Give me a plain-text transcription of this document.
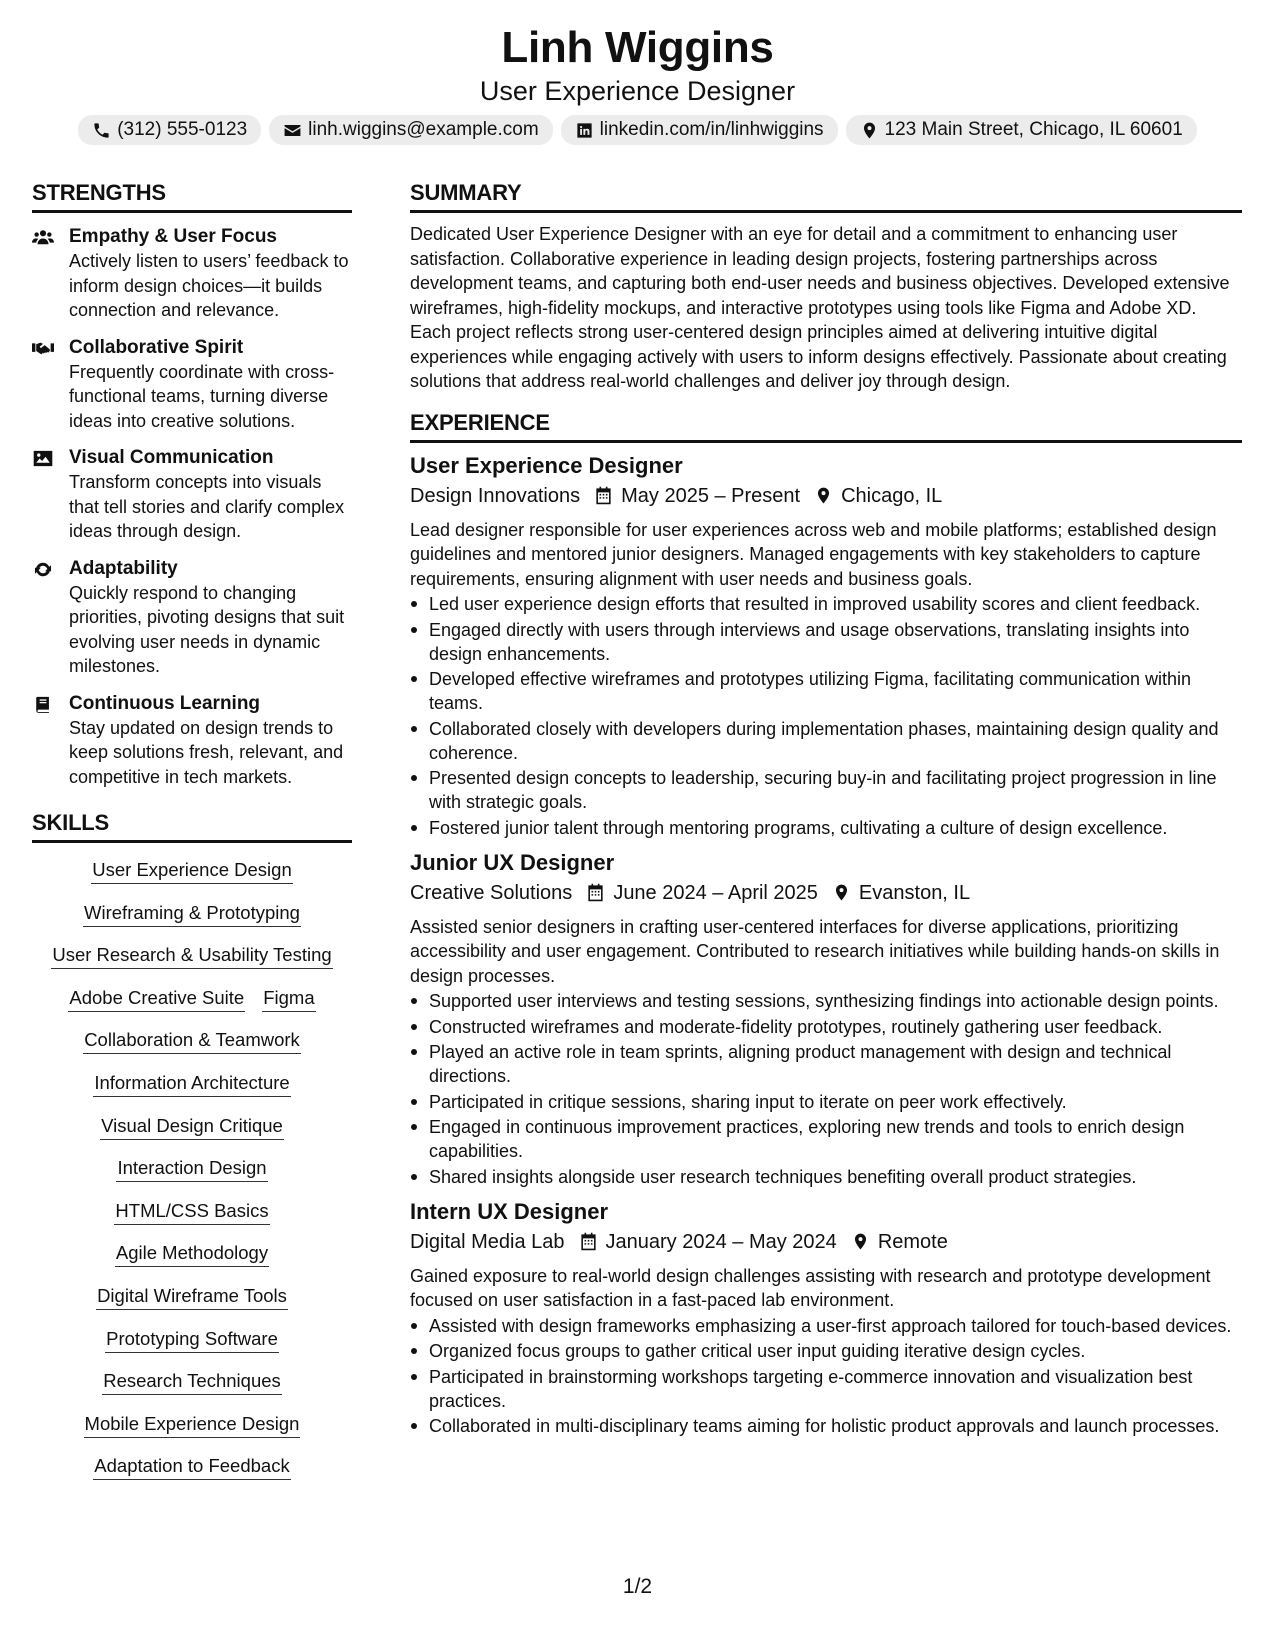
Linh Wiggins
User Experience Designer
(312) 555-0123	linh.wiggins@example.com	linkedin.com/in/linhwiggins	123 Main Street, Chicago, IL 60601
STRENGTHS
Empathy & User Focus
Actively listen to users’ feedback to inform design choices—it builds connection and relevance.
Collaborative Spirit
Frequently coordinate with cross-functional teams, turning diverse ideas into creative solutions.
Visual Communication
Transform concepts into visuals that tell stories and clarify complex ideas through design.
Adaptability
Quickly respond to changing priorities, pivoting designs that suit evolving user needs in dynamic milestones.
Continuous Learning
Stay updated on design trends to keep solutions fresh, relevant, and competitive in tech markets.
SKILLS
User Experience Design
Wireframing & Prototyping
User Research & Usability Testing
Adobe Creative Suite Figma
Collaboration & Teamwork
Information Architecture
Visual Design Critique
Interaction Design
HTML/CSS Basics
Agile Methodology
Digital Wireframe Tools
Prototyping Software
Research Techniques
Mobile Experience Design
Adaptation to Feedback
SUMMARY

Dedicated User Experience Designer with an eye for detail and a commitment to enhancing user satisfaction. Collaborative experience in leading design projects, fostering partnerships across development teams, and capturing both end-user needs and business objectives. Developed extensive wireframes, high-fidelity mockups, and interactive prototypes using tools like Figma and Adobe XD. Each project reflects strong user-centered design principles aimed at delivering intuitive digital experiences while engaging actively with users to inform designs effectively. Passionate about creating solutions that address real-world challenges and deliver joy through design.

EXPERIENCE
User Experience Designer
Design Innovations May 2025 – Present Chicago, IL

Lead designer responsible for user experiences across web and mobile platforms; established design guidelines and mentored junior designers. Managed engagements with key stakeholders to capture requirements, ensuring alignment with user needs and business goals.

Led user experience design efforts that resulted in improved usability scores and client feedback.
Engaged directly with users through interviews and usage observations, translating insights into design enhancements.
Developed effective wireframes and prototypes utilizing Figma, facilitating communication within teams.
Collaborated closely with developers during implementation phases, maintaining design quality and coherence.
Presented design concepts to leadership, securing buy-in and facilitating project progression in line with strategic goals.
Fostered junior talent through mentoring programs, cultivating a culture of design excellence.
Junior UX Designer
Creative Solutions June 2024 – April 2025 Evanston, IL

Assisted senior designers in crafting user-centered interfaces for diverse applications, prioritizing accessibility and user engagement. Contributed to research initiatives while building hands-on skills in design processes.

Supported user interviews and testing sessions, synthesizing findings into actionable design points.
Constructed wireframes and moderate-fidelity prototypes, routinely gathering user feedback.
Played an active role in team sprints, aligning product management with design and technical directions.
Participated in critique sessions, sharing input to iterate on peer work effectively.
Engaged in continuous improvement practices, exploring new trends and tools to enrich design capabilities.
Shared insights alongside user research techniques benefiting overall product strategies.
Intern UX Designer
Digital Media Lab January 2024 – May 2024 Remote

Gained exposure to real-world design challenges assisting with research and prototype development focused on user satisfaction in a fast-paced lab environment.

Assisted with design frameworks emphasizing a user-first approach tailored for touch-based devices.
Organized focus groups to gather critical user input guiding iterative design cycles.
Participated in brainstorming workshops targeting e-commerce innovation and visualization best practices.
Collaborated in multi-disciplinary teams aiming for holistic product approvals and launch processes.
1/2
